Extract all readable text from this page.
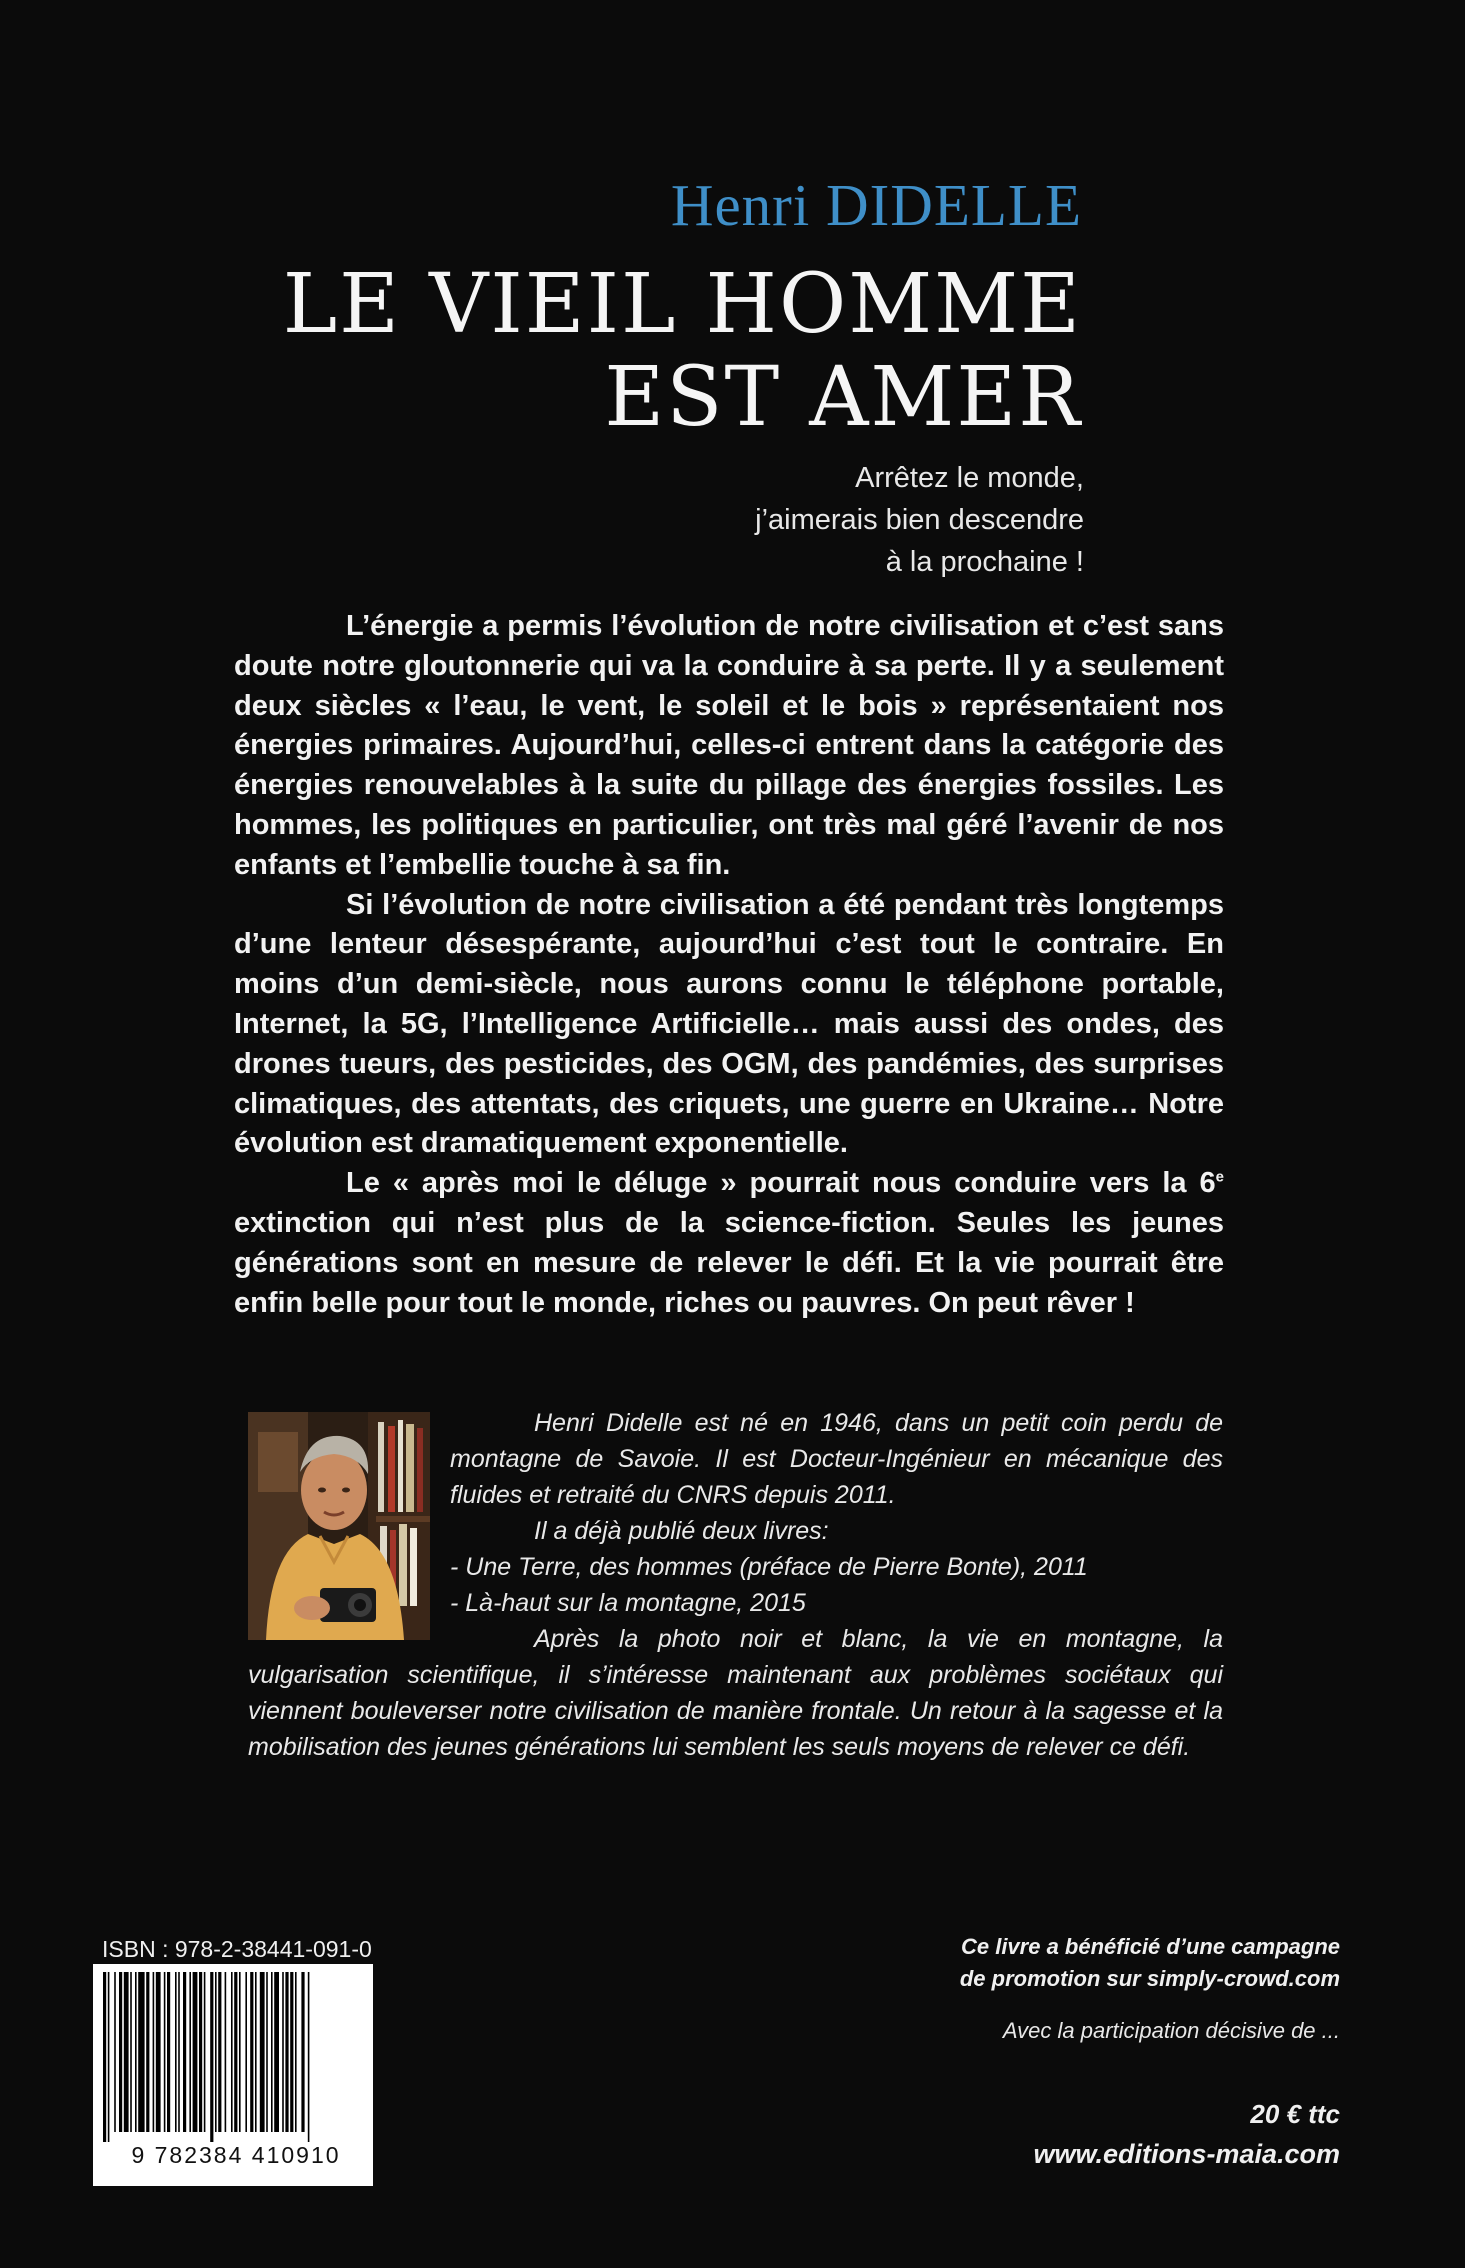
Henri DIDELLE
LE VIEIL HOMME
EST AMER
Arrêtez le monde,
j’aimerais bien descendre
à la prochaine !

L’énergie a permis l’évolution de notre civilisation et c’est sans doute notre gloutonnerie qui va la conduire à sa perte. Il y a seulement deux siècles « l’eau, le vent, le soleil et le bois » représentaient nos énergies primaires. Aujourd’hui, celles-ci entrent dans la catégorie des énergies renouvelables à la suite du pillage des énergies fossiles. Les hommes, les politiques en particulier, ont très mal géré l’avenir de nos enfants et l’embellie touche à sa fin.

Si l’évolution de notre civilisation a été pendant très longtemps d’une lenteur désespérante, aujourd’hui c’est tout le contraire. En moins d’un demi-siècle, nous aurons connu le téléphone portable, Internet, la 5G, l’Intelligence Artificielle… mais aussi des ondes, des drones tueurs, des pesticides, des OGM, des pandémies, des surprises climatiques, des attentats, des criquets, une guerre en Ukraine… Notre évolution est dramatiquement exponentielle.

Le « après moi le déluge » pourrait nous conduire vers la 6e extinction qui n’est plus de la science-fiction. Seules les jeunes générations sont en mesure de relever le défi. Et la vie pourrait être enfin belle pour tout le monde, riches ou pauvres. On peut rêver !

Henri Didelle est né en 1946, dans un petit coin perdu de montagne de Savoie. Il est Docteur-Ingénieur en mécanique des fluides et retraité du CNRS depuis 2011.

Il a déjà publié deux livres:

- Une Terre, des hommes (préface de Pierre Bonte), 2011

- Là-haut sur la montagne, 2015

Après la photo noir et blanc, la vie en montagne, la vulgarisation scientifique, il s’intéresse maintenant aux problèmes sociétaux qui viennent bouleverser notre civilisation de manière frontale. Un retour à la sagesse et la mobilisation des jeunes générations lui semblent les seuls moyens de relever ce défi.

ISBN : 978-2-38441-091-0
9 782384 410910
Ce livre a bénéficié d’une campagne
de promotion sur simply-crowd.com
Avec la participation décisive de ...
20 € ttc
www.editions-maia.com
